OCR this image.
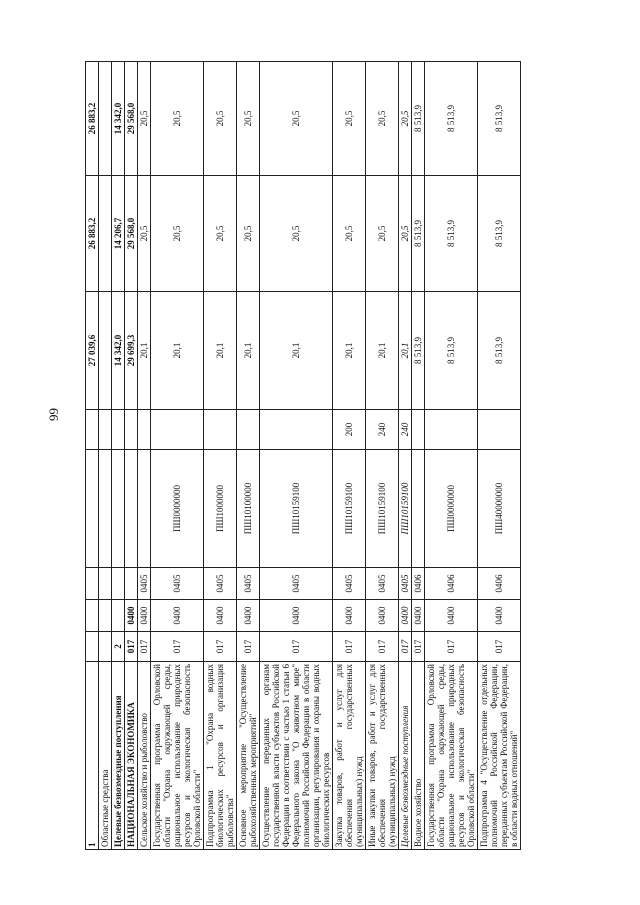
99
1						27 039,6	26 883,2	26 883,2
Областные средства								
Целевые безвозмездные поступления	2					14 342,0	14 206,7	14 342,0
НАЦИОНАЛЬНАЯ ЭКОНОМИКА	017	0400				29 699,3	29 568,0	29 568,0
Сельское хозяйство и рыболовство	017	0400	0405			20,1	20,5	20,5
Государственная программа Орловской области "Охрана окружающей среды, рациональное использование природных ресурсов и экологическая безопасность Орловской области"	017	0400	0405	ПШ0000000		20,1	20,5	20,5
Подпрограмма 1 "Охрана водных биологических ресурсов и организация рыболовства"	017	0400	0405	ПШ1000000		20,1	20,5	20,5
Основное мероприятие "Осуществление рыбохозяйственных мероприятий"	017	0400	0405	ПШ10100000		20,1	20,5	20,5
Осуществление переданных органам государственной власти субъектов Российской Федерации в соответствии с частью 1 статьи 6 Федерального закона "О животном мире" полномочий Российской Федерации в области организации, регулирования и охраны водных биологических ресурсов	017	0400	0405	ПШ10159100		20,1	20,5	20,5
Закупка товаров, работ и услуг для обеспечения государственных (муниципальных) нужд	017	0400	0405	ПШ10159100	200	20,1	20,5	20,5
Иные закупки товаров, работ и услуг для обеспечения государственных (муниципальных) нужд	017	0400	0405	ПШ10159100	240	20,1	20,5	20,5
Целевые безвозмездные поступления	017	0400	0405	ПШ10159100	240	20,1	20,5	20,5
Водное хозяйство	017	0400	0406			8 513,9	8 513,9	8 513,9
Государственная программа Орловской области "Охрана окружающей среды, рациональное использование природных ресурсов и экологическая безопасность Орловской области"	017	0400	0406	ПШ0000000		8 513,9	8 513,9	8 513,9
Подпрограмма 4 "Осуществление отдельных полномочий Российской Федерации, переданных субъектам Российской Федерации, в области водных отношений"	017	0400	0406	ПШ40000000		8 513,9	8 513,9	8 513,9
